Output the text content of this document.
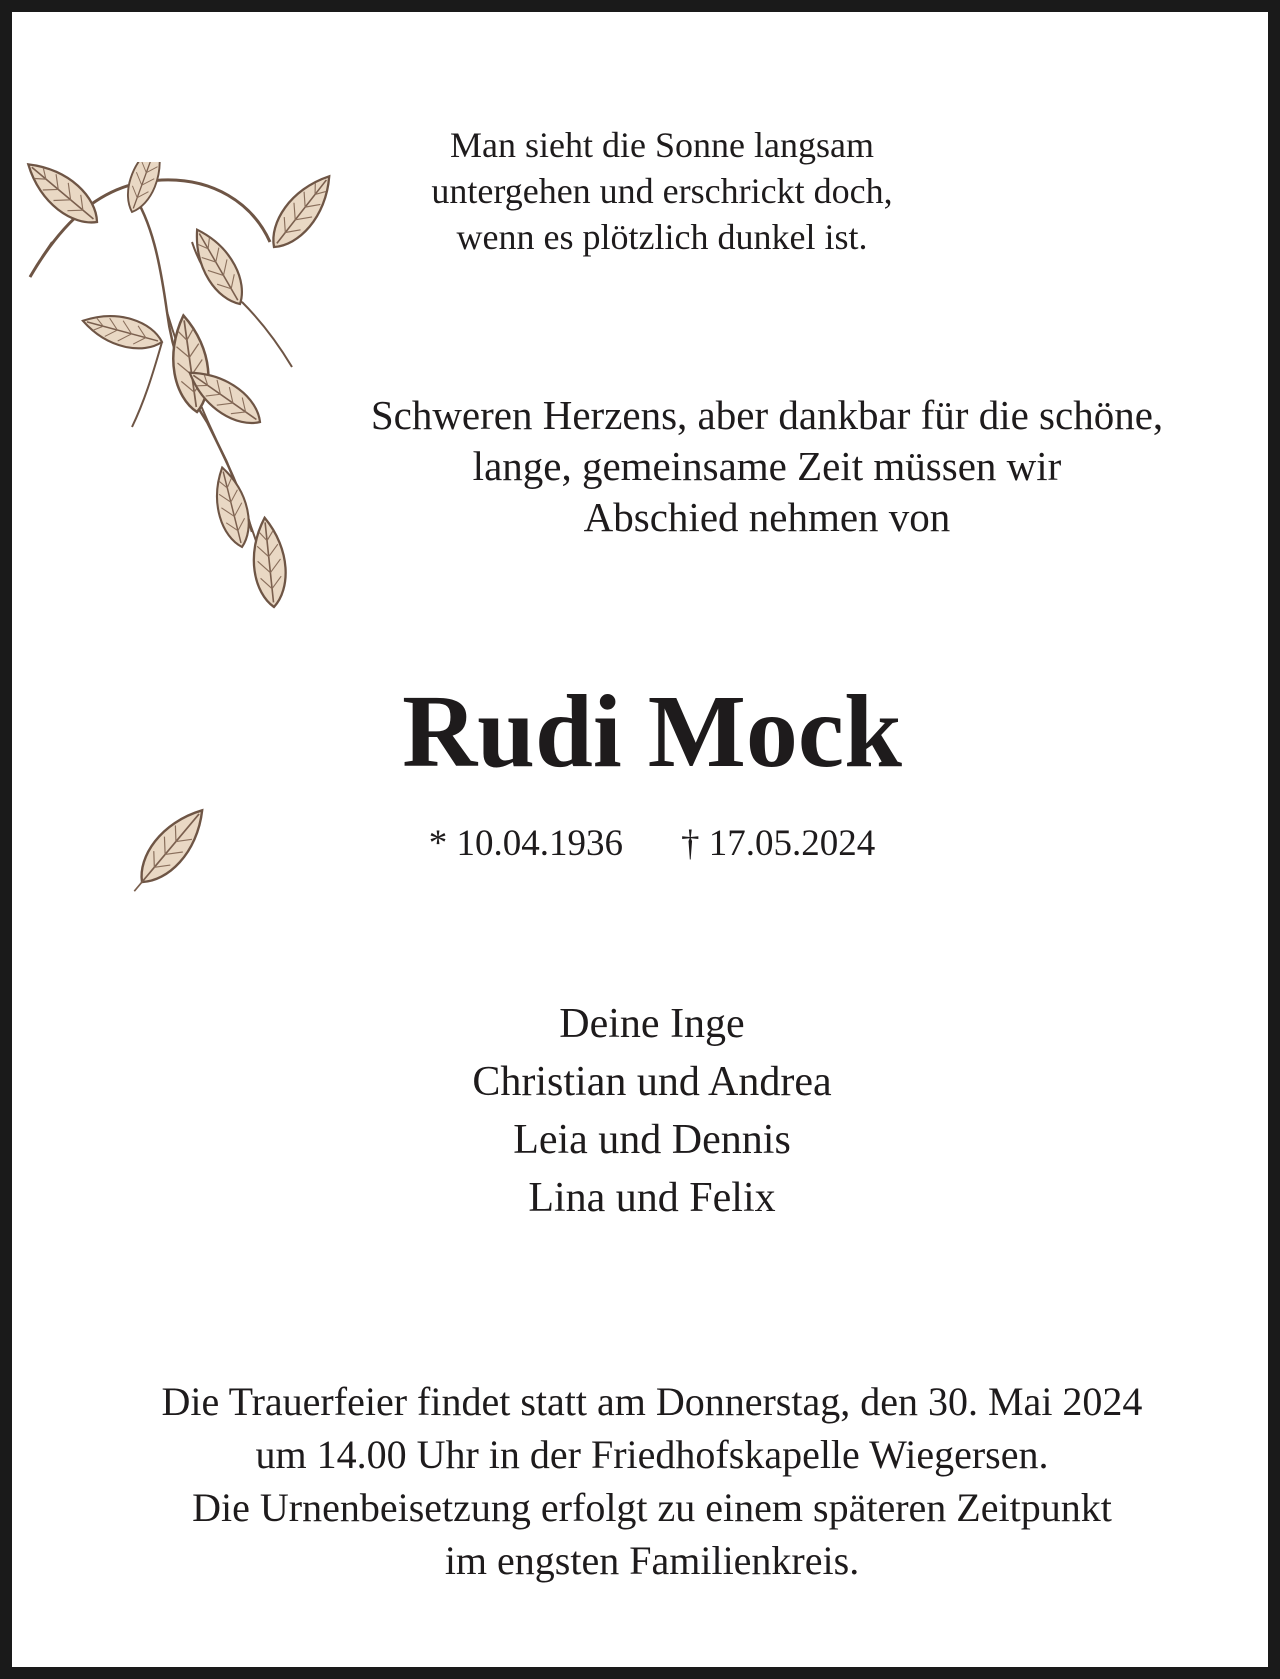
Man sieht die Sonne langsam
untergehen und erschrickt doch,
wenn es plötzlich dunkel ist.
Schweren Herzens, aber dankbar für die schöne,
lange, gemeinsame Zeit müssen wir
Abschied nehmen von
Rudi Mock
* 10.04.1936 † 17.05.2024
Deine Inge
Christian und Andrea
Leia und Dennis
Lina und Felix
Die Trauerfeier findet statt am Donnerstag, den 30. Mai 2024
um 14.00 Uhr in der Friedhofskapelle Wiegersen.
Die Urnenbeisetzung erfolgt zu einem späteren Zeitpunkt
im engsten Familienkreis.
